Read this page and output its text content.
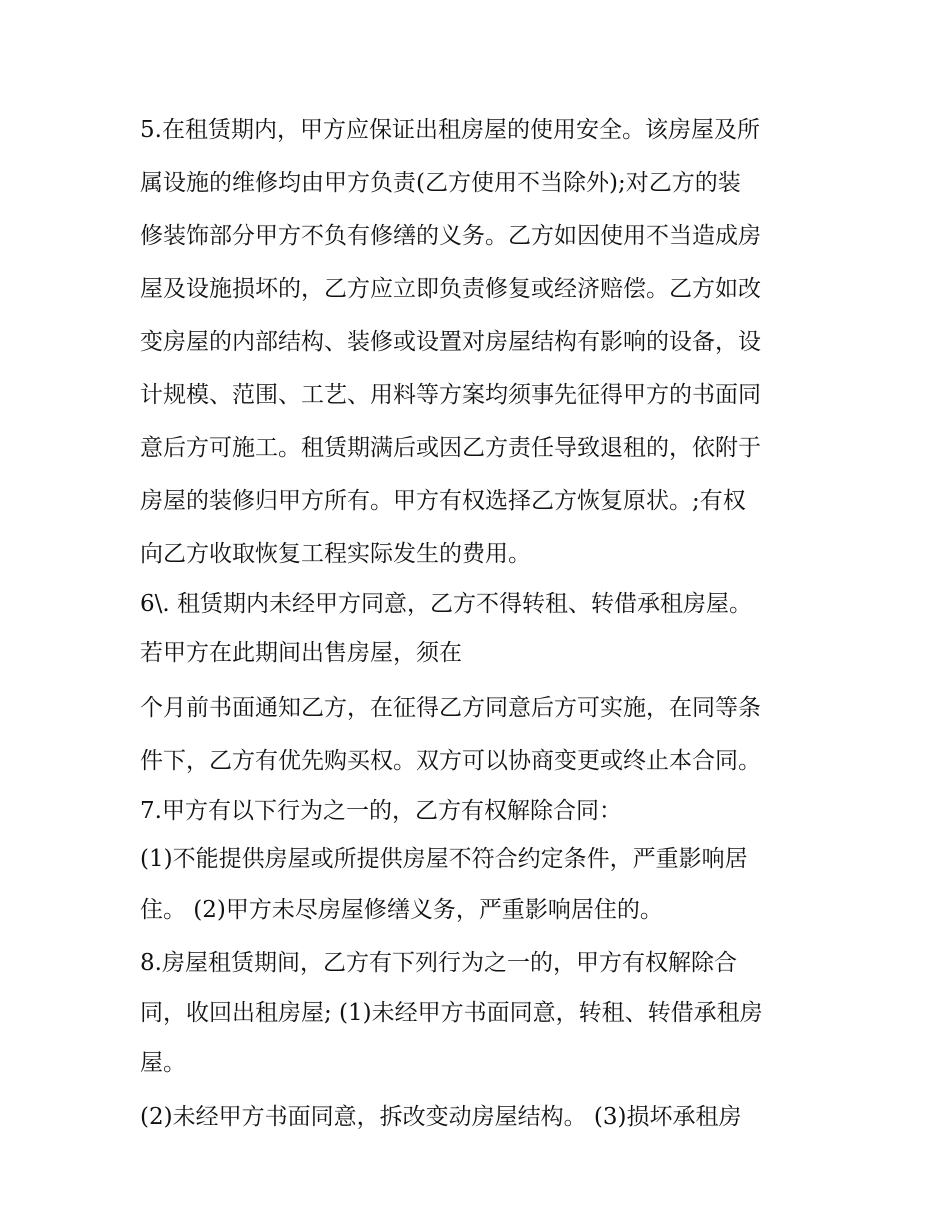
5.在租赁期内，甲方应保证出租房屋的使用安全。该房屋及所
属设施的维修均由甲方负责(乙方使用不当除外);对乙方的装
修装饰部分甲方不负有修缮的义务。乙方如因使用不当造成房
屋及设施损坏的，乙方应立即负责修复或经济赔偿。乙方如改
变房屋的内部结构、装修或设置对房屋结构有影响的设备，设
计规模、范围、工艺、用料等方案均须事先征得甲方的书面同
意后方可施工。租赁期满后或因乙方责任导致退租的，依附于
房屋的装修归甲方所有。甲方有权选择乙方恢复原状。;有权
向乙方收取恢复工程实际发生的费用。
6\. 租赁期内未经甲方同意，乙方不得转租、转借承租房屋。
若甲方在此期间出售房屋，须在
个月前书面通知乙方，在征得乙方同意后方可实施，在同等条
件下，乙方有优先购买权。双方可以协商变更或终止本合同。
7.甲方有以下行为之一的，乙方有权解除合同：
(1)不能提供房屋或所提供房屋不符合约定条件，严重影响居
住。 (2)甲方未尽房屋修缮义务，严重影响居住的。
8.房屋租赁期间，乙方有下列行为之一的，甲方有权解除合
同，收回出租房屋; (1)未经甲方书面同意，转租、转借承租房
屋。
(2)未经甲方书面同意，拆改变动房屋结构。 (3)损坏承租房
